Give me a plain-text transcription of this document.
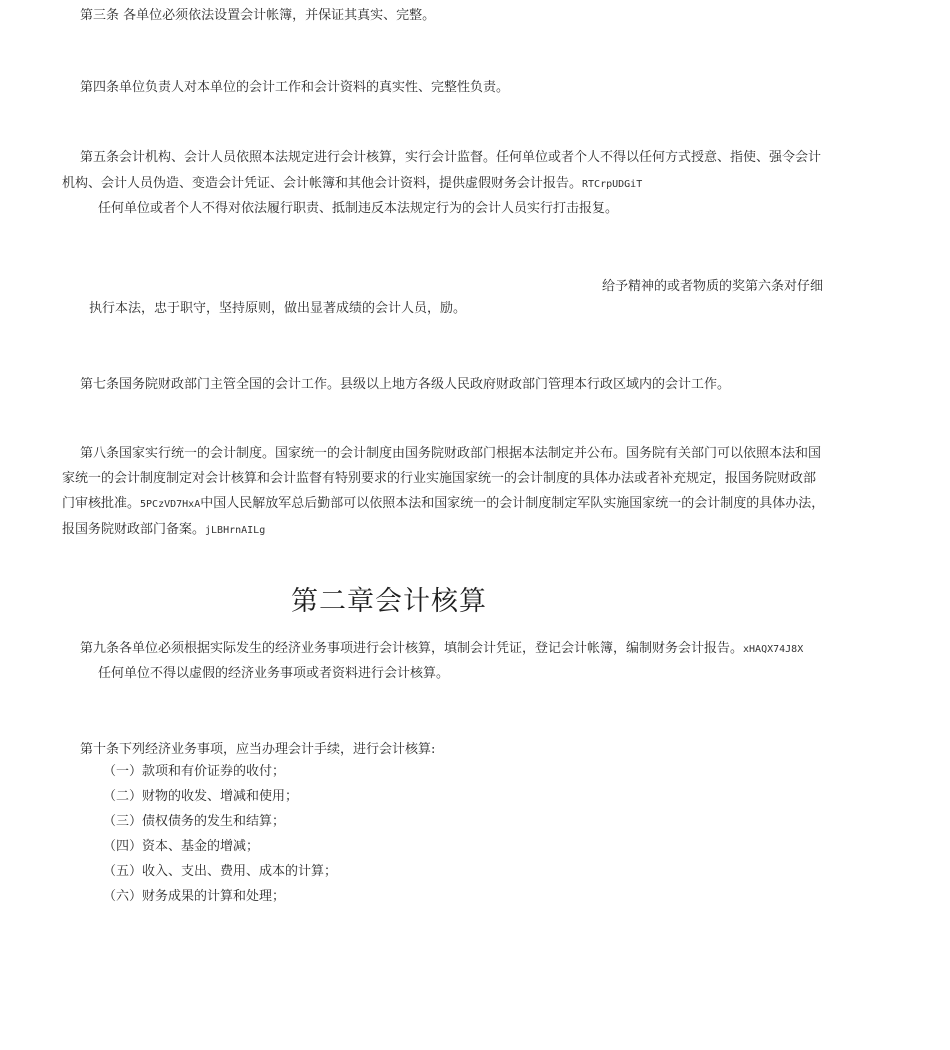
第三条 各单位必须依法设置会计帐簿，并保证其真实、完整。
第四条单位负责人对本单位的会计工作和会计资料的真实性、完整性负责。
第五条会计机构、会计人员依照本法规定进行会计核算，实行会计监督。任何单位或者个人不得以任何方式授意、指使、强令会计
机构、会计人员伪造、变造会计凭证、会计帐簿和其他会计资料，提供虚假财务会计报告。RTCrpUDGiT
任何单位或者个人不得对依法履行职责、抵制违反本法规定行为的会计人员实行打击报复。
给予精神的或者物质的奖第六条对仔细
执行本法，忠于职守，坚持原则，做出显著成绩的会计人员，励。
第七条国务院财政部门主管全国的会计工作。县级以上地方各级人民政府财政部门管理本行政区域内的会计工作。
第八条国家实行统一的会计制度。国家统一的会计制度由国务院财政部门根据本法制定并公布。国务院有关部门可以依照本法和国
家统一的会计制度制定对会计核算和会计监督有特别要求的行业实施国家统一的会计制度的具体办法或者补充规定，报国务院财政部
门审核批准。5PCzVD7HxA中国人民解放军总后勤部可以依照本法和国家统一的会计制度制定军队实施国家统一的会计制度的具体办法，
报国务院财政部门备案。jLBHrnAILg
第二章会计核算
第九条各单位必须根据实际发生的经济业务事项进行会计核算，填制会计凭证，登记会计帐簿，编制财务会计报告。xHAQX74J8X
任何单位不得以虚假的经济业务事项或者资料进行会计核算。
第十条下列经济业务事项，应当办理会计手续，进行会计核算:
（一）款项和有价证券的收付；
（二）财物的收发、增减和使用；
（三）债权债务的发生和结算；
（四）资本、基金的增减；
（五）收入、支出、费用、成本的计算；
（六）财务成果的计算和处理；
